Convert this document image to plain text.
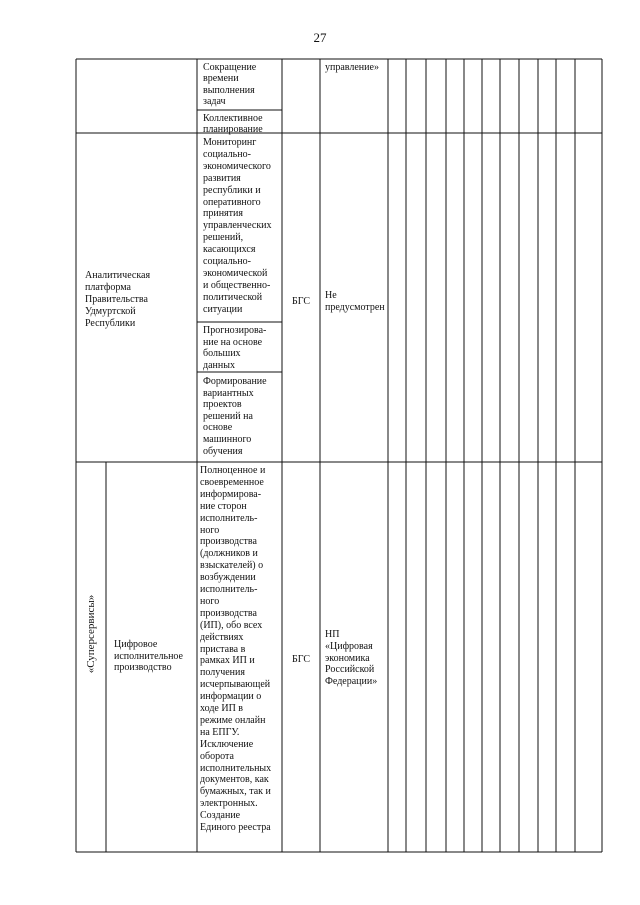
27
«Суперсервисы»
Сокращение
времени
выполнения
задач
Коллективное
планирование
управление»
Аналитическая
платформа
Правительства
Удмуртской
Республики
Мониторинг
социально-
экономического
развития
республики и
оперативного
принятия
управленческих
решений,
касающихся
социально-
экономической
и общественно-
политической
ситуации
Прогнозирова-
ние на основе
больших
данных
Формирование
вариантных
проектов
решений на
основе
машинного
обучения
БГС
Не
предусмотрен
Цифровое
исполнительное
производство
Полноценное и
своевременное
информирова-
ние сторон
исполнитель-
ного
производства
(должников и
взыскателей) о
возбуждении
исполнитель-
ного
производства
(ИП), обо всех
действиях
пристава в
рамках ИП и
получения
исчерпывающей
информации о
ходе ИП в
режиме онлайн
на ЕПГУ.
Исключение
оборота
исполнительных
документов, как
бумажных, так и
электронных.
Создание
Единого реестра
БГС
НП
«Цифровая
экономика
Российской
Федерации»
